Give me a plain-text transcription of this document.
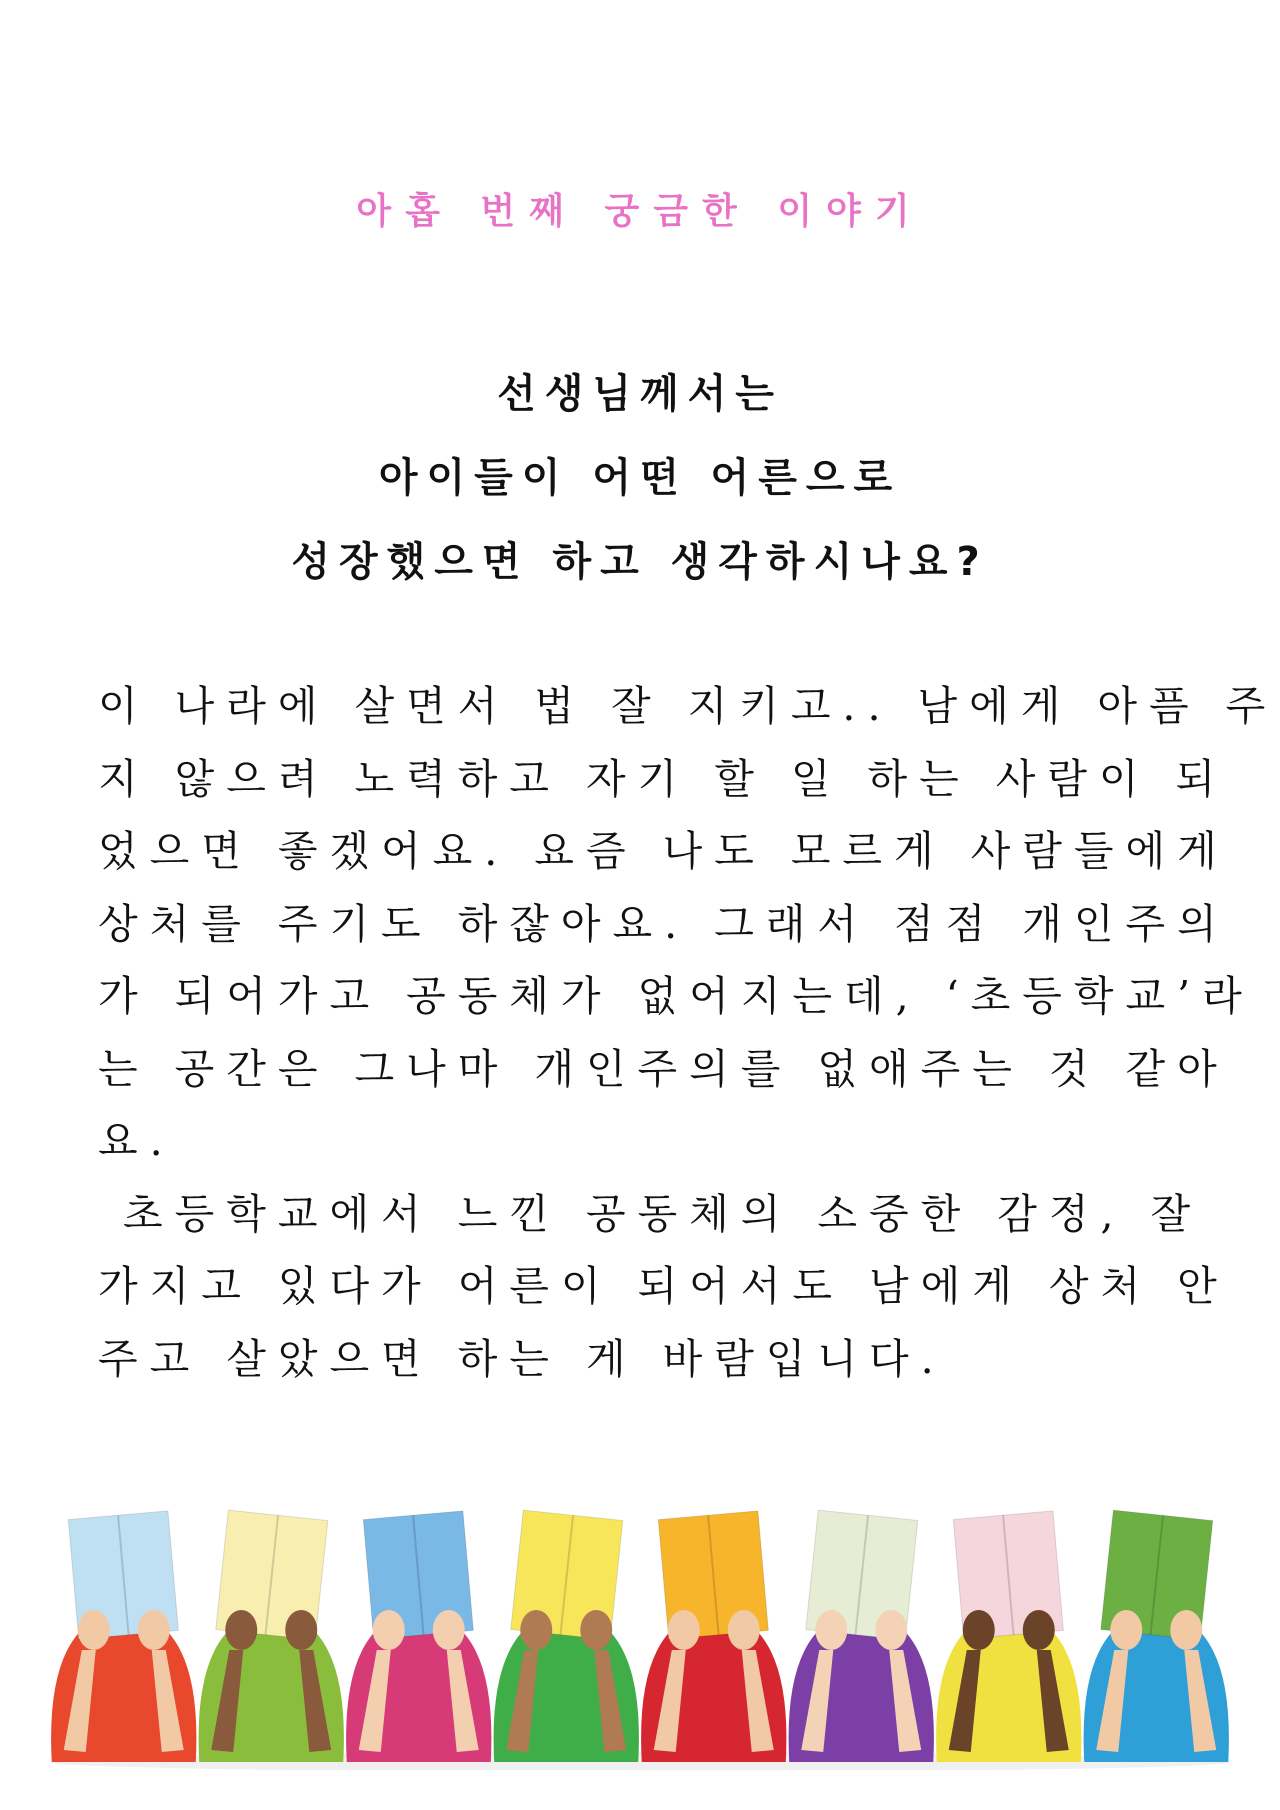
아홉 번째 궁금한 이야기
선생님께서는
아이들이 어떤 어른으로
성장했으면 하고 생각하시나요?
이 나라에 살면서 법 잘 지키고.. 남에게 아픔 주
지 않으려 노력하고 자기 할 일 하는 사람이 되
었으면 좋겠어요. 요즘 나도 모르게 사람들에게
상처를 주기도 하잖아요. 그래서 점점 개인주의
가 되어가고 공동체가 없어지는데, ‘초등학교’라
는 공간은 그나마 개인주의를 없애주는 것 같아
요.
초등학교에서 느낀 공동체의 소중한 감정, 잘
가지고 있다가 어른이 되어서도 남에게 상처 안
주고 살았으면 하는 게 바람입니다.
